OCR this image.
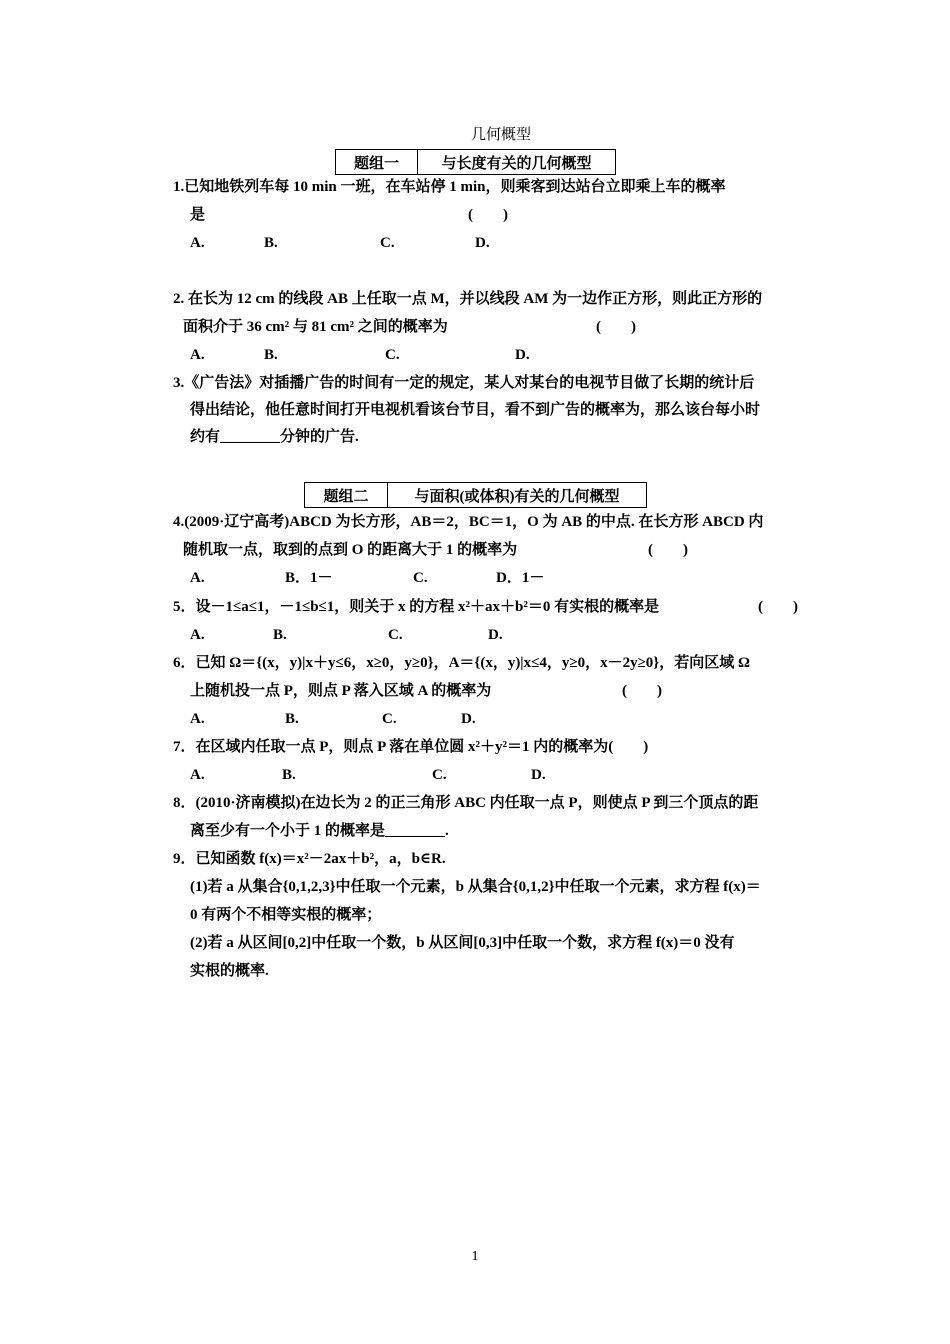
几何概型
题组一	与长度有关的几何概型
1.已知地铁列车每 10 min 一班，在车站停 1 min，则乘客到达站台立即乘上车的概率
是	(　　)
A.	B.	C.	D.
2. 在长为 12 cm 的线段 AB 上任取一点 M，并以线段 AM 为一边作正方形，则此正方形的
面积介于 36 cm² 与 81 cm² 之间的概率为	(　　)
A.	B.	C.	D.
3.《广告法》对插播广告的时间有一定的规定，某人对某台的电视节目做了长期的统计后
得出结论，他任意时间打开电视机看该台节目，看不到广告的概率为，那么该台每小时
约有________分钟的广告.
题组二	与面积(或体积)有关的几何概型
4.(2009·辽宁高考)ABCD 为长方形，AB＝2，BC＝1，O 为 AB 的中点. 在长方形 ABCD 内
随机取一点，取到的点到 O 的距离大于 1 的概率为	(　　)
A.	B．1－	C.	D．1－
5．设－1≤a≤1，－1≤b≤1，则关于 x 的方程 x²＋ax＋b²＝0 有实根的概率是	(　　)
A.	B.	C.	D.
6．已知 Ω＝{(x，y)|x＋y≤6，x≥0，y≥0}，A＝{(x，y)|x≤4，y≥0，x－2y≥0}，若向区域 Ω
上随机投一点 P，则点 P 落入区域 A 的概率为	(　　)
A.	B.	C.	D.
7．在区域内任取一点 P，则点 P 落在单位圆 x²＋y²＝1 内的概率为(　　)
A.	B.	C.	D.
8．(2010·济南模拟)在边长为 2 的正三角形 ABC 内任取一点 P，则使点 P 到三个顶点的距
离至少有一个小于 1 的概率是________.
9．已知函数 f(x)＝x²－2ax＋b²，a，b∈R.
(1)若 a 从集合{0,1,2,3}中任取一个元素，b 从集合{0,1,2}中任取一个元素，求方程 f(x)＝
0 有两个不相等实根的概率；
(2)若 a 从区间[0,2]中任取一个数，b 从区间[0,3]中任取一个数，求方程 f(x)＝0 没有
实根的概率.
1
